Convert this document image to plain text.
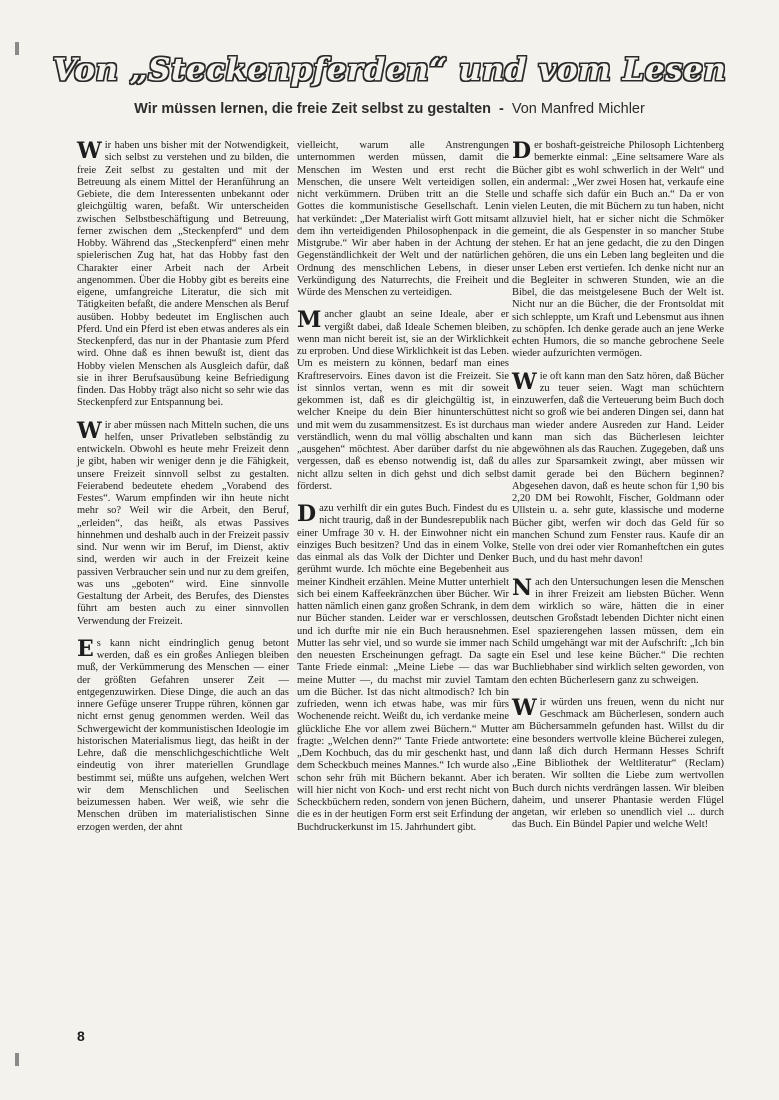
Von „Steckenpferden“ und vom Lesen
Wir müssen lernen, die freie Zeit selbst zu gestalten - Von Manfred Michler

Wir haben uns bisher mit der Notwendigkeit, sich selbst zu verstehen und zu bilden, die freie Zeit selbst zu gestalten und mit der Betreuung als einem Mittel der Heranführung an Gebiete, die dem Interessenten unbekannt oder gleichgültig waren, befaßt. Wir unterscheiden zwischen Selbstbeschäftigung und Betreuung, ferner zwischen dem „Steckenpferd“ und dem Hobby. Während das „Steckenpferd“ einen mehr spielerischen Zug hat, hat das Hobby fast den Charakter einer Arbeit nach der Arbeit angenommen. Über die Hobby gibt es bereits eine eigene, umfangreiche Literatur, die sich mit Tätigkeiten befaßt, die andere Menschen als Beruf ausüben. Hobby bedeutet im Englischen auch Pferd. Und ein Pferd ist eben etwas anderes als ein Steckenpferd, das nur in der Phantasie zum Pferd wird. Ohne daß es ihnen bewußt ist, dient das Hobby vielen Menschen als Ausgleich dafür, daß sie in ihrer Berufsausübung keine Befriedigung finden. Das Hobby trägt also nicht so sehr wie das Steckenpferd zur Entspannung bei.

Wir aber müssen nach Mitteln suchen, die uns helfen, unser Privatleben selbständig zu entwickeln. Obwohl es heute mehr Freizeit denn je gibt, haben wir weniger denn je die Fähigkeit, unsere Freizeit sinnvoll selbst zu gestalten. Feierabend bedeutete ehedem „Vorabend des Festes“. Warum empfinden wir ihn heute nicht mehr so? Weil wir die Arbeit, den Beruf, „erleiden“, das heißt, als etwas Passives hinnehmen und deshalb auch in der Freizeit passiv sind. Nur wenn wir im Beruf, im Dienst, aktiv sind, werden wir auch in der Freizeit keine passiven Verbraucher sein und nur zu dem greifen, was uns „geboten“ wird. Eine sinnvolle Gestaltung der Arbeit, des Berufes, des Dienstes führt am besten auch zu einer sinnvollen Verwendung der Freizeit.

Es kann nicht eindringlich genug betont werden, daß es ein großes Anliegen bleiben muß, der Verkümmerung des Menschen — einer der größten Gefahren unserer Zeit — entgegenzuwirken. Diese Dinge, die auch an das innere Gefüge unserer Truppe rühren, können gar nicht ernst genug genommen werden. Weil das Schwergewicht der kommunistischen Ideologie im historischen Materialismus liegt, das heißt in der Lehre, daß die menschlichgeschichtliche Welt eindeutig von ihrer materiellen Grundlage bestimmt sei, müßte uns aufgehen, welchen Wert wir dem Menschlichen und Seelischen beizumessen haben. Wer weiß, wie sehr die Menschen drüben im materialistischen Sinne erzogen werden, der ahnt

vielleicht, warum alle Anstrengungen unternommen werden müssen, damit die Menschen im Westen und erst recht die Menschen, die unsere Welt verteidigen sollen, nicht verkümmern. Drüben tritt an die Stelle Gottes die kommunistische Gesellschaft. Lenin hat verkündet: „Der Materialist wirft Gott mitsamt dem ihn verteidigenden Philosophenpack in die Mistgrube.“ Wir aber haben in der Achtung der Gegenständlichkeit der Welt und der natürlichen Ordnung des menschlichen Lebens, in dieser Verkündigung des Naturrechts, die Freiheit und Würde des Menschen zu verteidigen.

Mancher glaubt an seine Ideale, aber er vergißt dabei, daß Ideale Schemen bleiben, wenn man nicht bereit ist, sie an der Wirklichkeit zu erproben. Und diese Wirklichkeit ist das Leben. Um es meistern zu können, bedarf man eines Kraftreservoirs. Eines davon ist die Freizeit. Sie ist sinnlos vertan, wenn es mit dir soweit gekommen ist, daß es dir gleichgültig ist, in welcher Kneipe du dein Bier hinunterschüttest und mit wem du zusammensitzest. Es ist durchaus verständlich, wenn du mal völlig abschalten und „ausgehen“ möchtest. Aber darüber darfst du nie vergessen, daß es ebenso notwendig ist, daß du nicht allzu selten in dich gehst und dich selbst förderst.

Dazu verhilft dir ein gutes Buch. Findest du es nicht traurig, daß in der Bundesrepublik nach einer Umfrage 30 v. H. der Einwohner nicht ein einziges Buch besitzen? Und das in einem Volke, das einmal als das Volk der Dichter und Denker gerühmt wurde. Ich möchte eine Begebenheit aus meiner Kindheit erzählen. Meine Mutter unterhielt sich bei einem Kaffeekränzchen über Bücher. Wir hatten nämlich einen ganz großen Schrank, in dem nur Bücher standen. Leider war er verschlossen, und ich durfte mir nie ein Buch herausnehmen. Mutter las sehr viel, und so wurde sie immer nach den neuesten Erscheinungen gefragt. Da sagte Tante Friede einmal: „Meine Liebe — das war meine Mutter —, du machst mir zuviel Tamtam um die Bücher. Ist das nicht altmodisch? Ich bin zufrieden, wenn ich etwas habe, was mir fürs Wochenende reicht. Weißt du, ich verdanke meine glückliche Ehe vor allem zwei Büchern.“ Mutter fragte: „Welchen denn?“ Tante Friede antwortete: „Dem Kochbuch, das du mir geschenkt hast, und dem Scheckbuch meines Mannes.“ Ich wurde also schon sehr früh mit Büchern bekannt. Aber ich will hier nicht von Koch- und erst recht nicht von Scheckbüchern reden, sondern von jenen Büchern, die es in der heutigen Form erst seit Erfindung der Buchdruckerkunst im 15. Jahrhundert gibt.

Der boshaft-geistreiche Philosoph Lichtenberg bemerkte einmal: „Eine seltsamere Ware als Bücher gibt es wohl schwerlich in der Welt“ und ein andermal: „Wer zwei Hosen hat, verkaufe eine und schaffe sich dafür ein Buch an.“ Da er von vielen Leuten, die mit Büchern zu tun haben, nicht allzuviel hielt, hat er sicher nicht die Schmöker gemeint, die als Gespenster in so mancher Stube stehen. Er hat an jene gedacht, die zu den Dingen gehören, die uns ein Leben lang begleiten und die unser Leben erst vertiefen. Ich denke nicht nur an die Begleiter in schweren Stunden, wie an die Bibel, die das meistgelesene Buch der Welt ist. Nicht nur an die Bücher, die der Frontsoldat mit sich schleppte, um Kraft und Lebensmut aus ihnen zu schöpfen. Ich denke gerade auch an jene Werke echten Humors, die so manche gebrochene Seele wieder aufzurichten vermögen.

Wie oft kann man den Satz hören, daß Bücher zu teuer seien. Wagt man schüchtern einzuwerfen, daß die Verteuerung beim Buch doch nicht so groß wie bei anderen Dingen sei, dann hat man wieder andere Ausreden zur Hand. Leider kann man sich das Bücherlesen leichter abgewöhnen als das Rauchen. Zugegeben, daß uns alles zur Sparsamkeit zwingt, aber müssen wir damit gerade bei den Büchern beginnen? Abgesehen davon, daß es heute schon für 1,90 bis 2,20 DM bei Rowohlt, Fischer, Goldmann oder Ullstein u. a. sehr gute, klassische und moderne Bücher gibt, werfen wir doch das Geld für so manchen Schund zum Fenster raus. Kaufe dir an Stelle von drei oder vier Romanheftchen ein gutes Buch, und du hast mehr davon!

Nach den Untersuchungen lesen die Menschen in ihrer Freizeit am liebsten Bücher. Wenn dem wirklich so wäre, hätten die in einer deutschen Großstadt lebenden Dichter nicht einen Esel spazierengehen lassen müssen, dem ein Schild umgehängt war mit der Aufschrift: „Ich bin ein Esel und lese keine Bücher.“ Die rechten Buchliebhaber sind wirklich selten geworden, von den echten Bücherlesern ganz zu schweigen.

Wir würden uns freuen, wenn du nicht nur Geschmack am Bücherlesen, sondern auch am Büchersammeln gefunden hast. Willst du dir eine besonders wertvolle kleine Bücherei zulegen, dann laß dich durch Hermann Hesses Schrift „Eine Bibliothek der Weltliteratur“ (Reclam) beraten. Wir sollten die Liebe zum wertvollen Buch durch nichts verdrängen lassen. Wir bleiben daheim, und unserer Phantasie werden Flügel angetan, wir erleben so unendlich viel ... durch das Buch. Ein Bündel Papier und welche Welt!

8
